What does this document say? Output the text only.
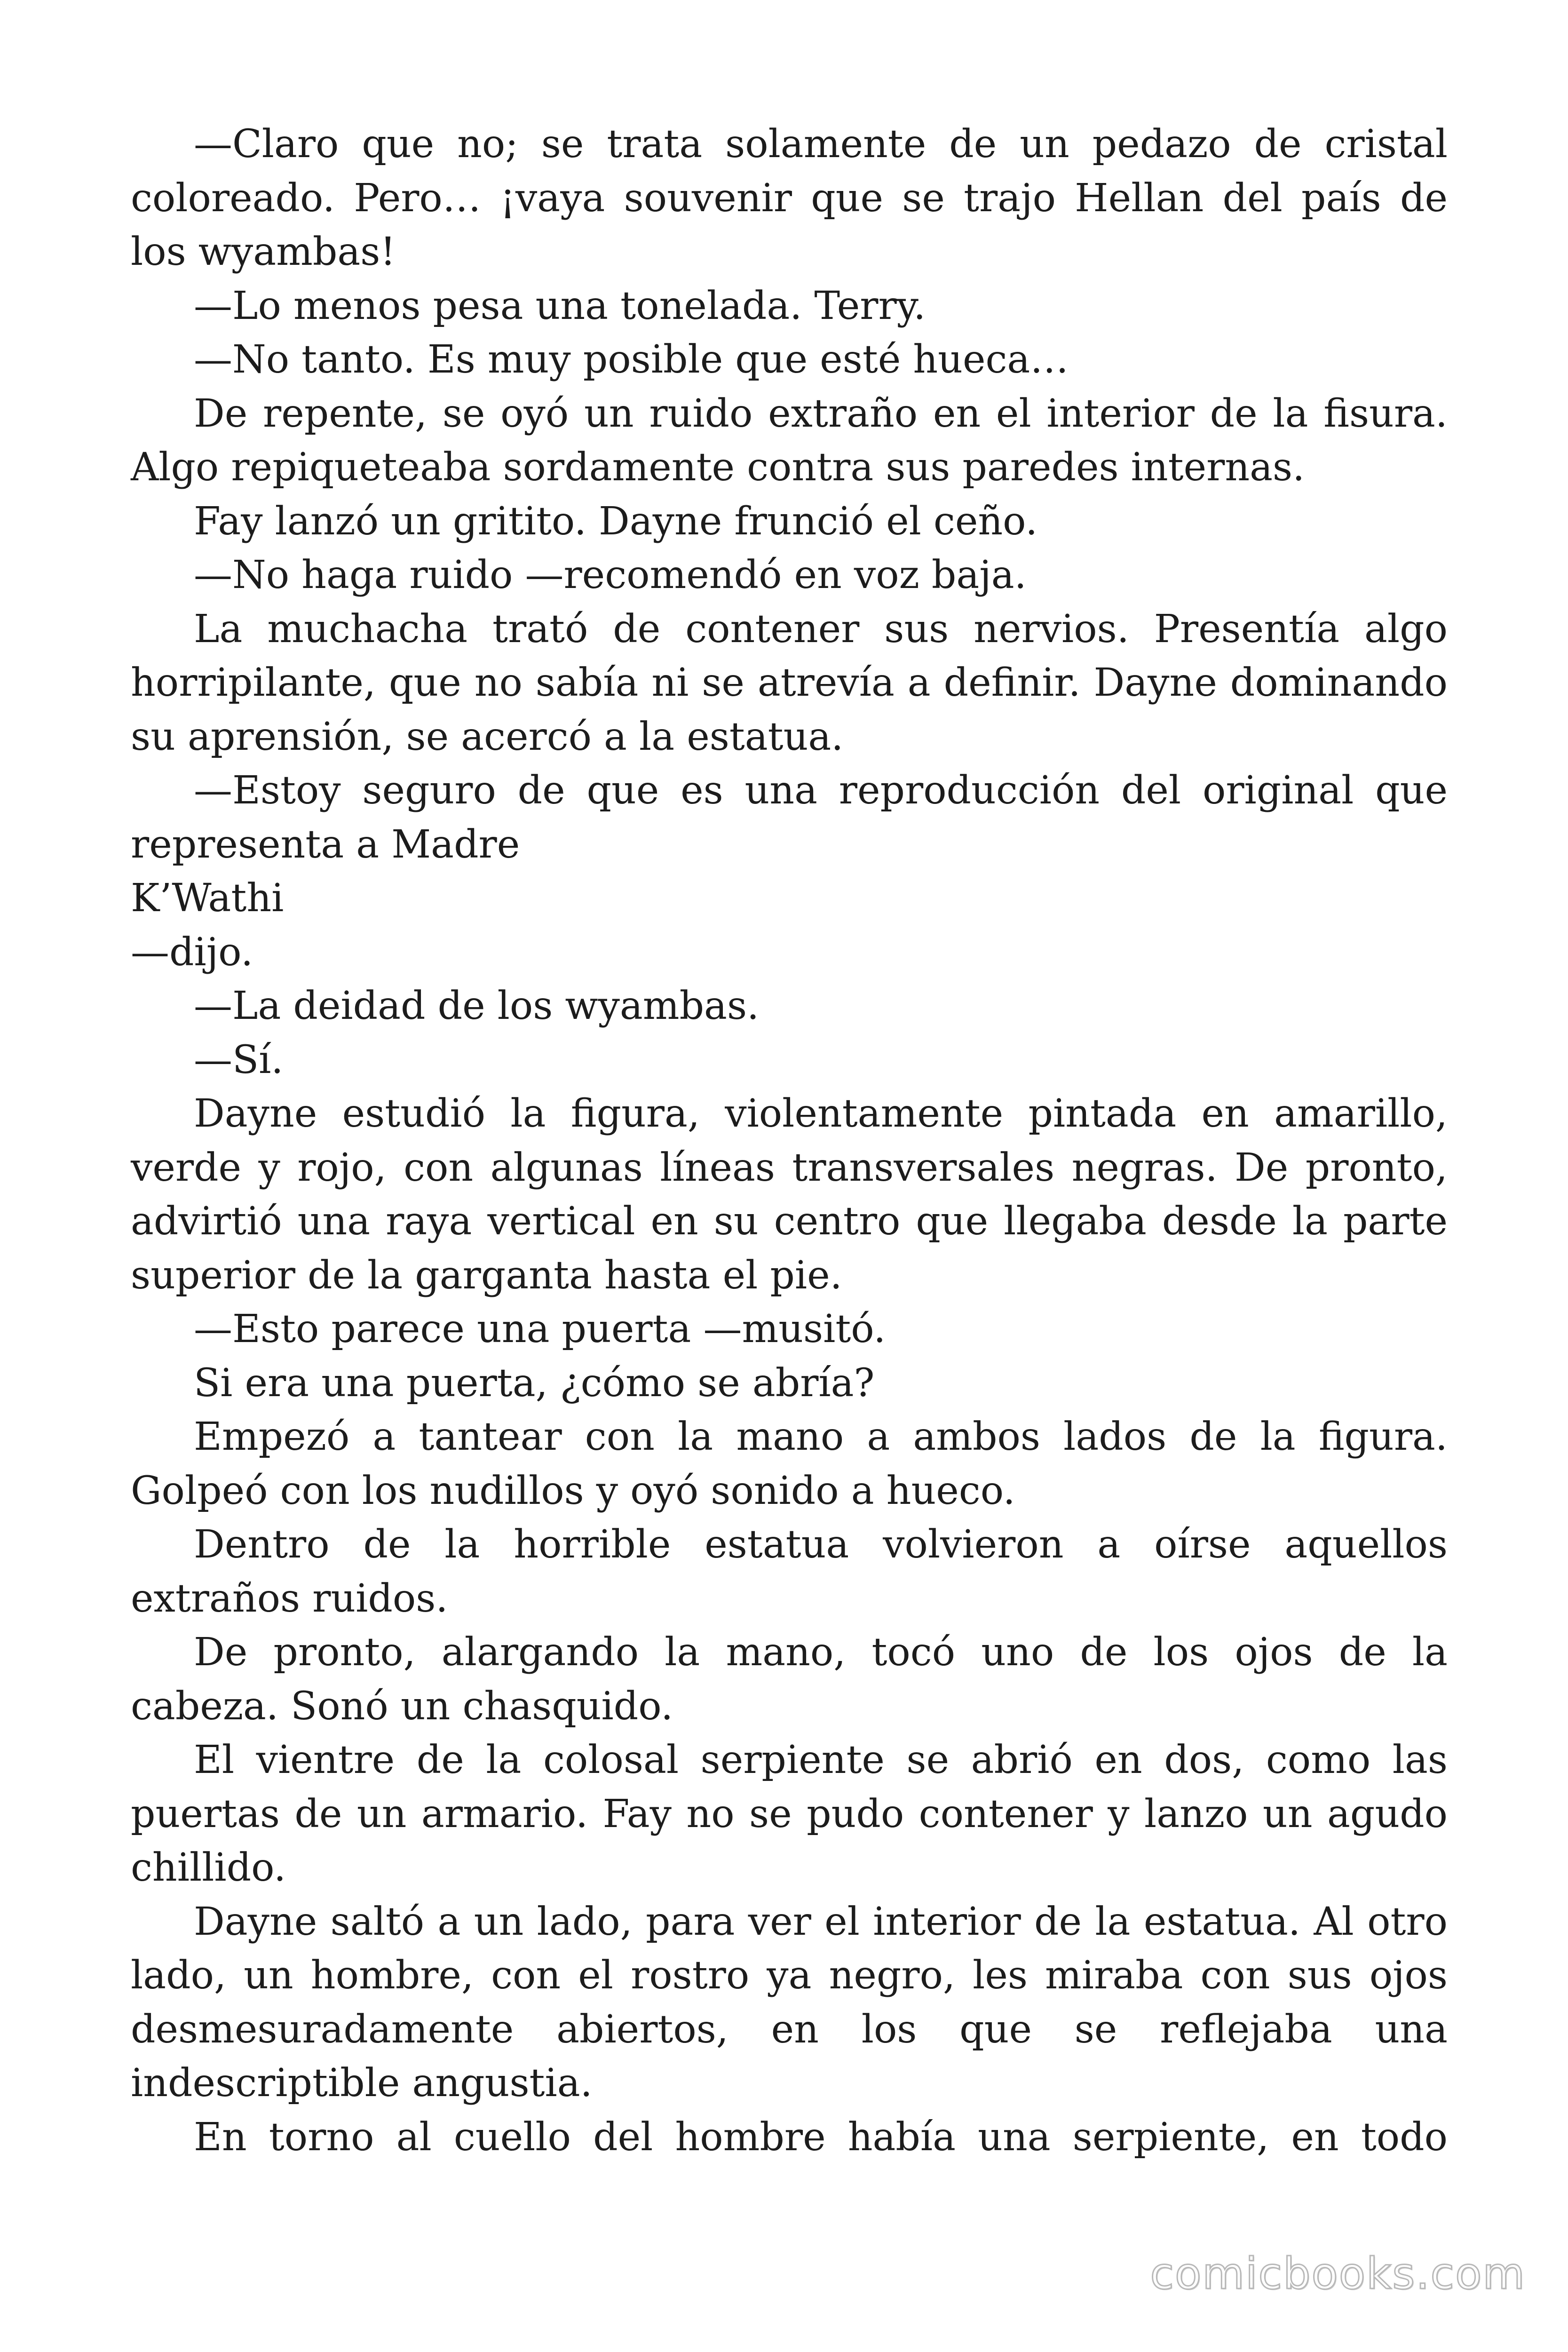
—Claro que no; se trata solamente de un pedazo de cristal coloreado. Pero… ¡vaya souvenir que se trajo Hellan del país de los wyambas!

—Lo menos pesa una tonelada. Terry.

—No tanto. Es muy posible que esté hueca…

De repente, se oyó un ruido extraño en el interior de la fisura. Algo repiqueteaba sordamente contra sus paredes internas.

Fay lanzó un gritito. Dayne frunció el ceño.

—No haga ruido —recomendó en voz baja.

La muchacha trató de contener sus nervios. Presentía algo horripilante, que no sabía ni se atrevía a definir. Dayne dominando su aprensión, se acercó a la estatua.

—Estoy seguro de que es una reproducción del original que representa a Madre

K’Wathi

—dijo.

—La deidad de los wyambas.

—Sí.

Dayne estudió la figura, violentamente pintada en amarillo, verde y rojo, con algunas líneas transversales negras. De pronto, advirtió una raya vertical en su centro que llegaba desde la parte superior de la garganta hasta el pie.

—Esto parece una puerta —musitó.

Si era una puerta, ¿cómo se abría?

Empezó a tantear con la mano a ambos lados de la figura. Golpeó con los nudillos y oyó sonido a hueco.

Dentro de la horrible estatua volvieron a oírse aquellos extraños ruidos.

De pronto, alargando la mano, tocó uno de los ojos de la cabeza. Sonó un chasquido.

El vientre de la colosal serpiente se abrió en dos, como las puertas de un armario. Fay no se pudo contener y lanzo un agudo chillido.

Dayne saltó a un lado, para ver el interior de la estatua. Al otro lado, un hombre, con el rostro ya negro, les miraba con sus ojos desmesuradamente abiertos, en los que se reflejaba una indescriptible angustia.

En torno al cuello del hombre había una serpiente, en todo

comicbooks.com
